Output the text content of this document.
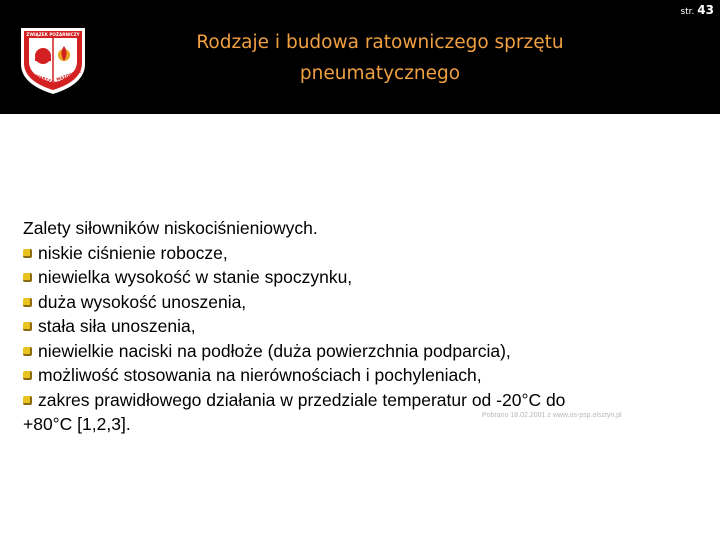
str. 43
ZWIĄZEK POŻARNICZY
WARSZAWA
MAZOWSZE
Rodzaje i budowa ratowniczego sprzętu
pneumatycznego
Zalety siłowników niskociśnieniowych.
niskie ciśnienie robocze,
niewielka wysokość w stanie spoczynku,
duża wysokość unoszenia,
stała siła unoszenia,
niewielkie naciski na podłoże (duża powierzchnia podparcia),
możliwość stosowania na nierównościach i pochyleniach,
zakres prawidłowego działania w przedziale temperatur od -20°C do
+80°C [1,2,3].	Pobrano 18.02.2001 z www.os-psp.olsztyn.pl
